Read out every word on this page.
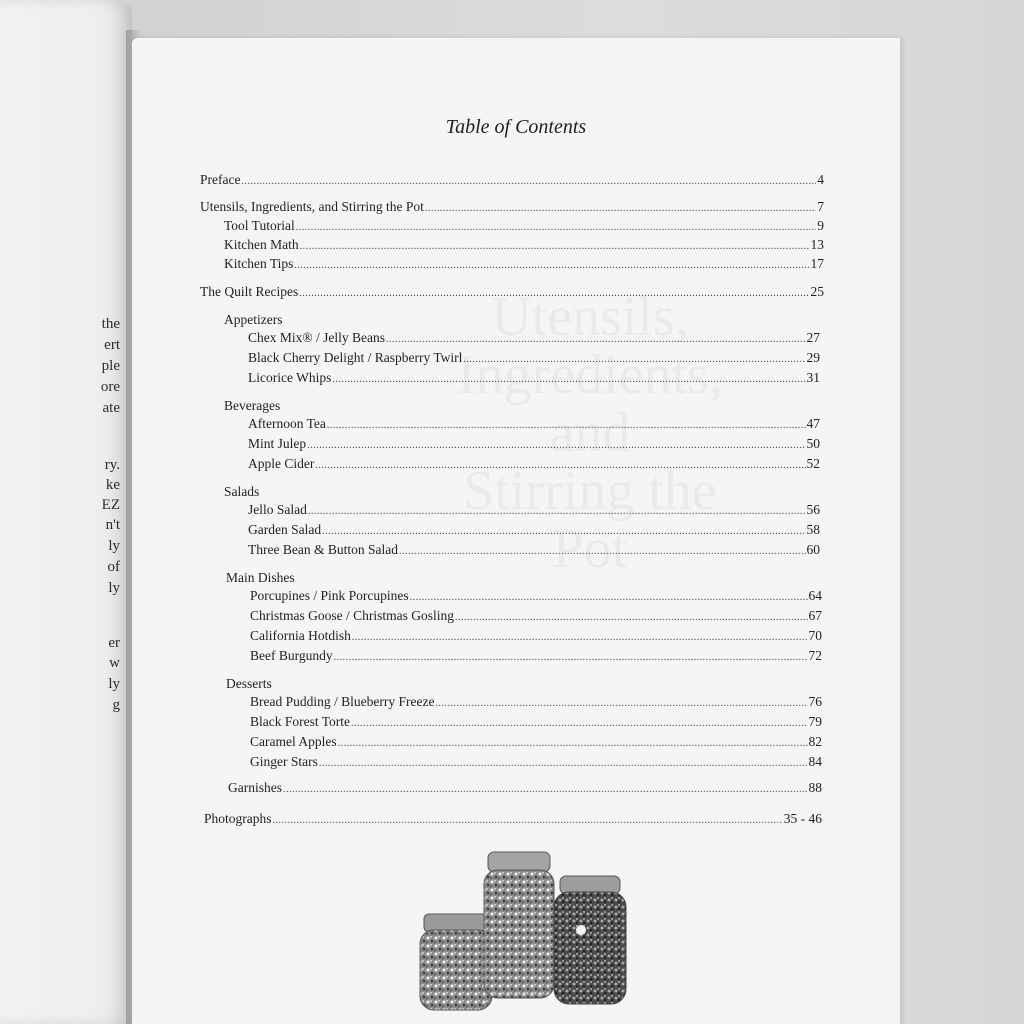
the
ert
ple
ore
ate
ry.
ke
EZ
n't
ly
of
ly
er
w
ly
g
Utensils,
Ingredients,
and
Stirring the Pot
Table of Contents
Preface .....	4
Utensils, Ingredients, and Stirring the Pot .....	7
Tool Tutorial .....	9
Kitchen Math .....	13
Kitchen Tips .....	17
The Quilt Recipes .....	25
Appetizers
Chex Mix® / Jelly Beans .....	27
Black Cherry Delight / Raspberry Twirl .....	29
Licorice Whips .....	31
Beverages
Afternoon Tea .....	47
Mint Julep .....	50
Apple Cider .....	52
Salads
Jello Salad .....	56
Garden Salad .....	58
Three Bean & Button Salad .....	60
Main Dishes
Porcupines / Pink Porcupines .....	64
Christmas Goose / Christmas Gosling .....	67
California Hotdish .....	70
Beef Burgundy .....	72
Desserts
Bread Pudding / Blueberry Freeze .....	76
Black Forest Torte .....	79
Caramel Apples .....	82
Ginger Stars .....	84
Garnishes .....	88
Photographs .....	35 - 46
